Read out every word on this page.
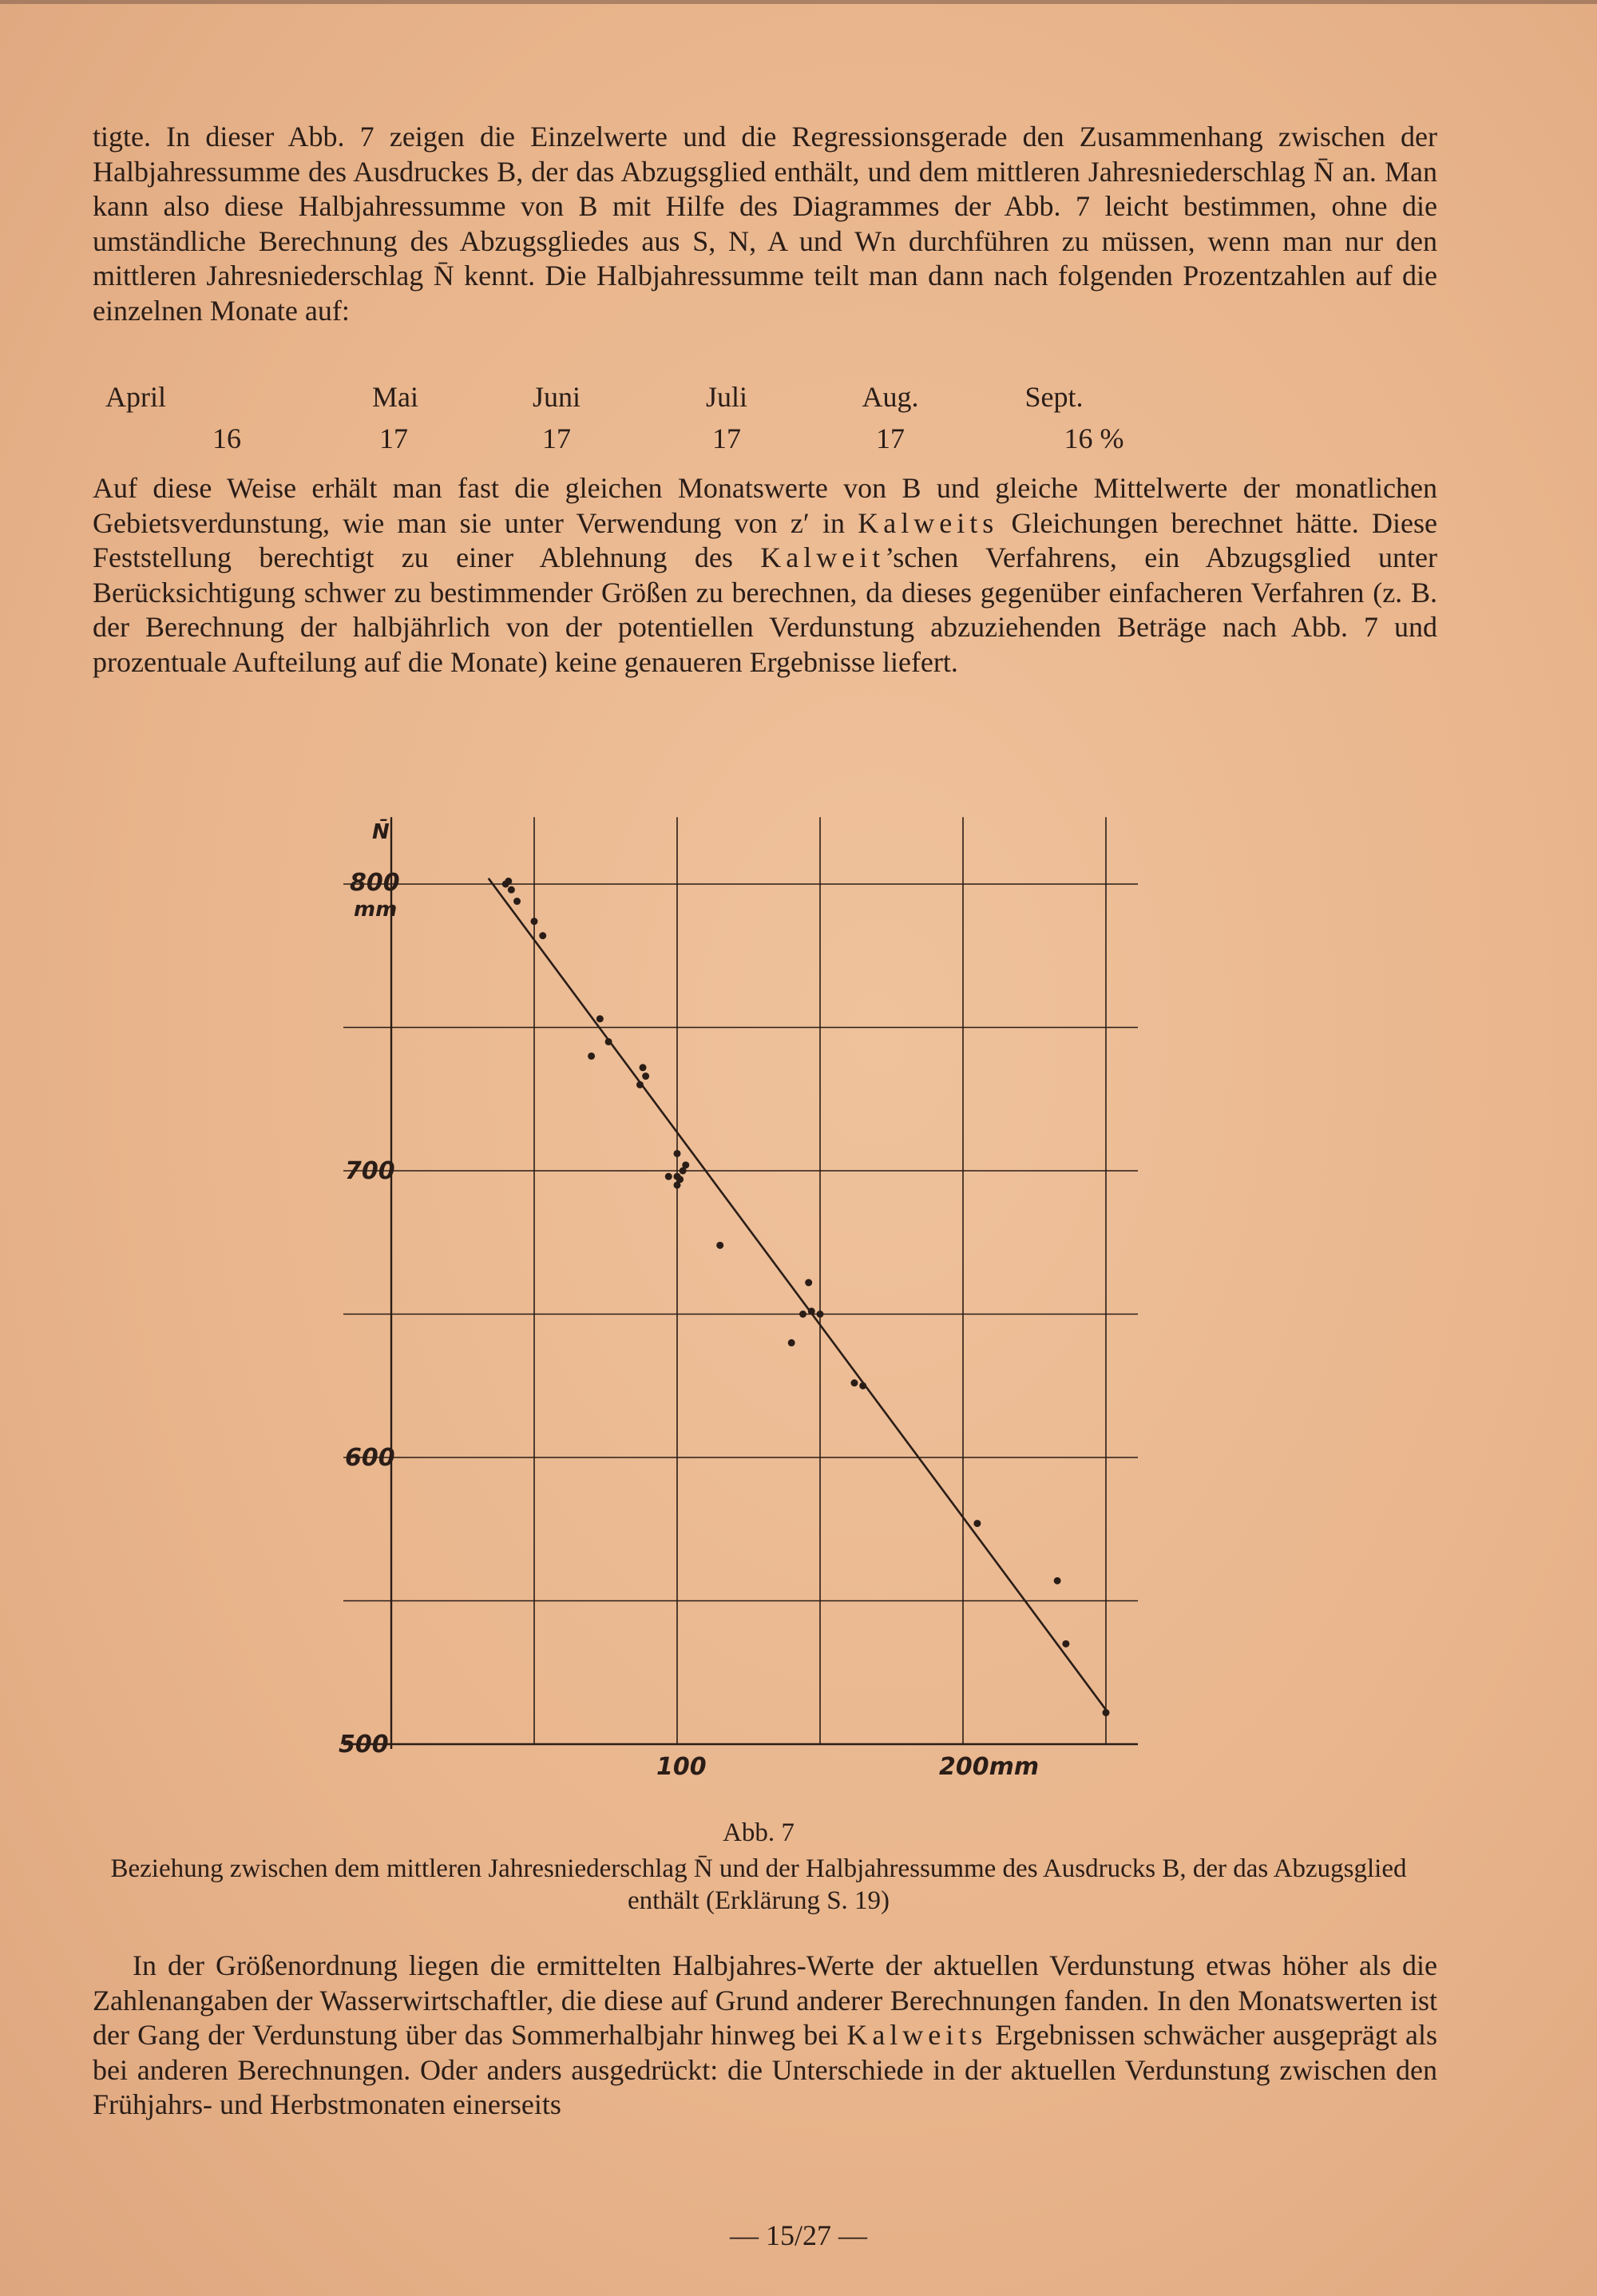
tigte. In dieser Abb. 7 zeigen die Einzelwerte und die Regressionsgerade den Zusammenhang zwischen der Halbjahressumme des Ausdruckes B, der das Abzugsglied enthält, und dem mittleren Jahresniederschlag N̄ an. Man kann also diese Halbjahressumme von B mit Hilfe des Diagrammes der Abb. 7 leicht bestimmen, ohne die umständliche Berechnung des Abzugsgliedes aus S, N, A und Wn durchführen zu müssen, wenn man nur den mittleren Jahresniederschlag N̄ kennt. Die Halbjahressumme teilt man dann nach folgenden Prozentzahlen auf die einzelnen Monate auf:

April	Mai	Juni	Juli	Aug.	Sept.
16	17	17	17	17	16 %

Auf diese Weise erhält man fast die gleichen Monatswerte von B und gleiche Mittelwerte der monatlichen Gebietsverdunstung, wie man sie unter Verwendung von z′ in Kalweits Gleichungen berechnet hätte. Diese Feststellung berechtigt zu einer Ablehnung des Kalweit’schen Verfahrens, ein Abzugsglied unter Berücksichtigung schwer zu bestimmender Größen zu berechnen, da dieses gegenüber einfacheren Verfahren (z. B. der Berechnung der halbjährlich von der potentiellen Verdunstung abzuziehenden Beträge nach Abb. 7 und prozentuale Aufteilung auf die Monate) keine genaueren Ergebnisse liefert.

N̄
mm
800
700
600
500
100	200mm
Abb. 7
Beziehung zwischen dem mittleren Jahresniederschlag N̄ und der Halbjahressumme des Ausdrucks B, der das Abzugsglied enthält (Erklärung S. 19)

In der Größenordnung liegen die ermittelten Halbjahres-Werte der aktuellen Verdunstung etwas höher als die Zahlenangaben der Wasserwirtschaftler, die diese auf Grund anderer Berechnungen fanden. In den Monatswerten ist der Gang der Verdunstung über das Sommerhalbjahr hinweg bei Kalweits Ergebnissen schwächer ausgeprägt als bei anderen Berechnungen. Oder anders ausgedrückt: die Unterschiede in der aktuellen Verdunstung zwischen den Frühjahrs- und Herbstmonaten einerseits

— 15/27 —
